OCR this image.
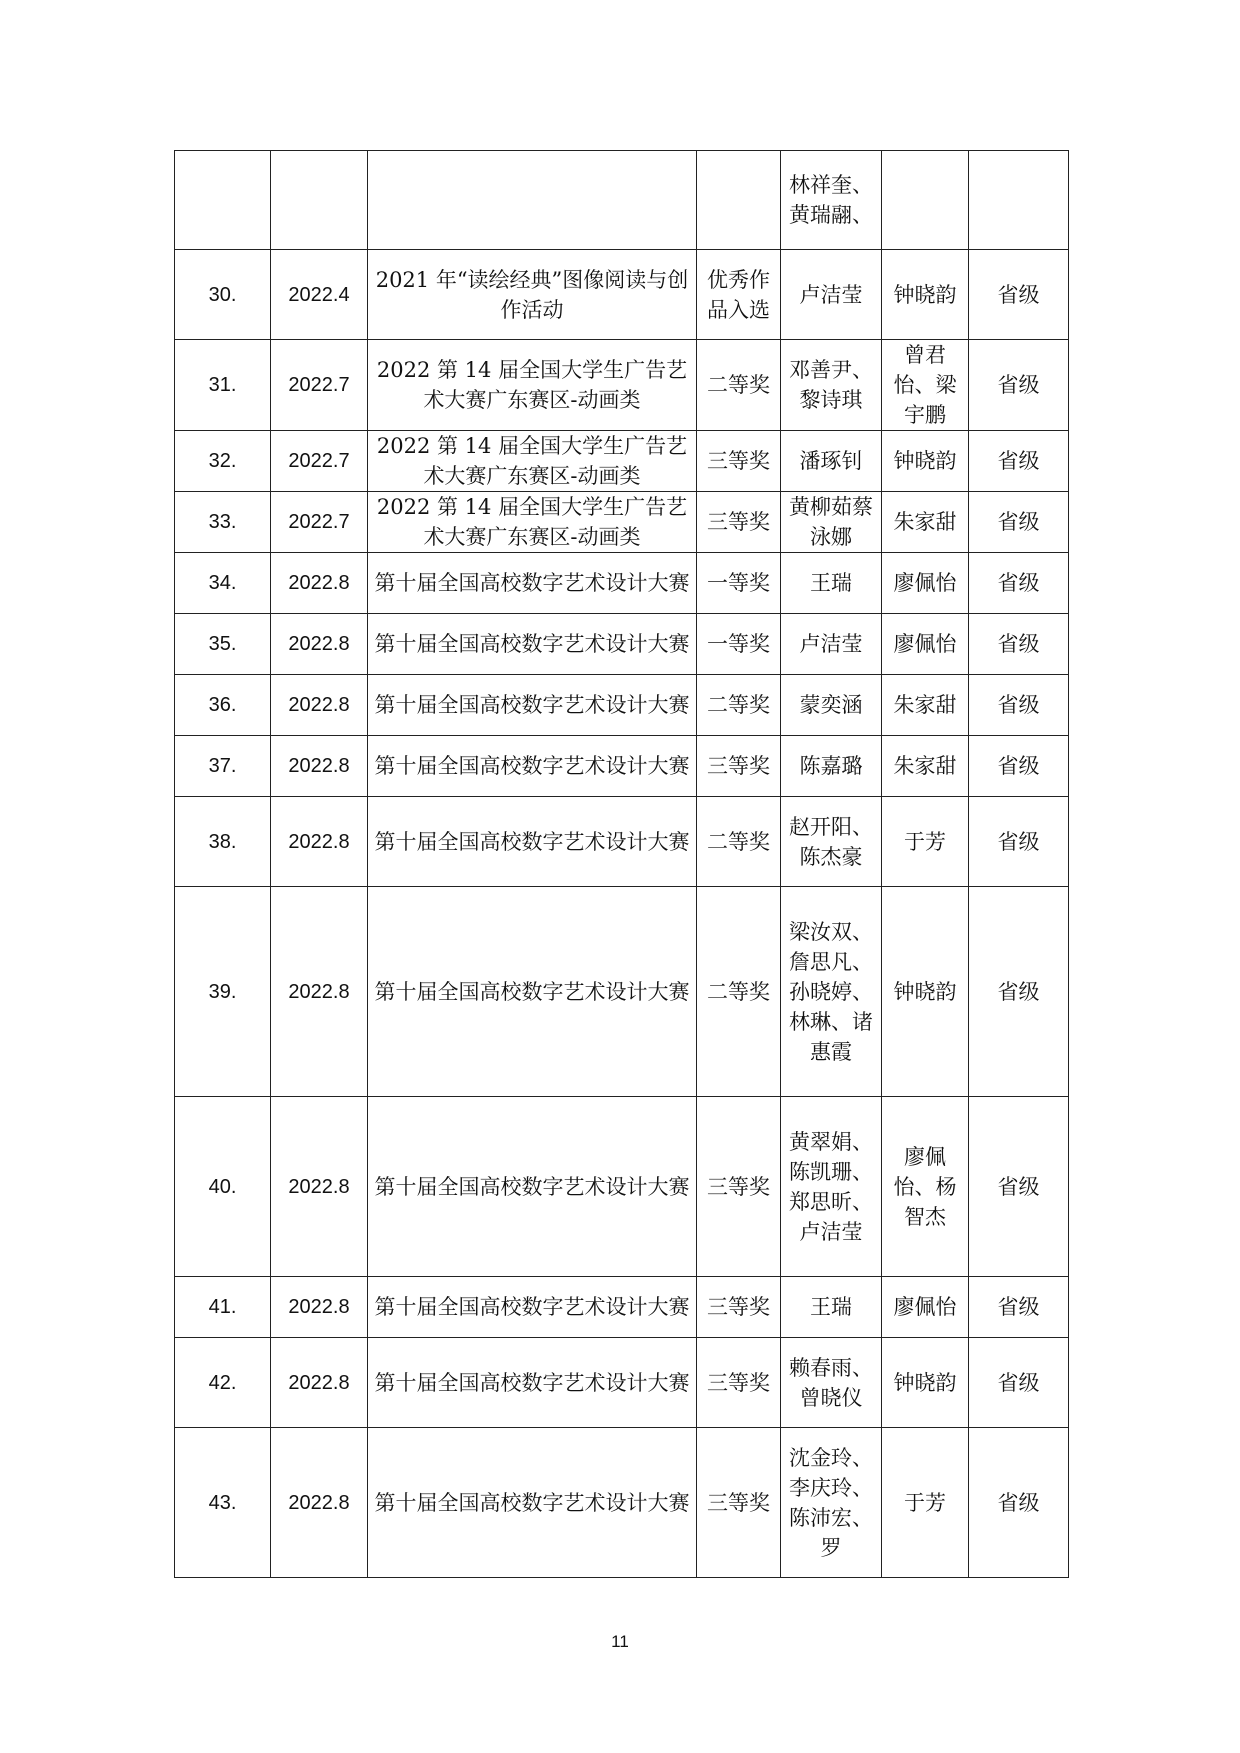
				林祥奎、黄瑞翮、		
30.	2022.4	2021 年“读绘经典”图像阅读与创作活动	优秀作品入选	卢洁莹	钟晓韵	省级
31.	2022.7	2022 第 14 届全国大学生广告艺术大赛广东赛区-动画类	二等奖	邓善尹、黎诗琪	曾君怡、梁宇鹏	省级
32.	2022.7	2022 第 14 届全国大学生广告艺术大赛广东赛区-动画类	三等奖	潘琢钊	钟晓韵	省级
33.	2022.7	2022 第 14 届全国大学生广告艺术大赛广东赛区-动画类	三等奖	黄柳茹蔡泳娜	朱家甜	省级
34.	2022.8	第十届全国高校数字艺术设计大赛	一等奖	王瑞	廖佩怡	省级
35.	2022.8	第十届全国高校数字艺术设计大赛	一等奖	卢洁莹	廖佩怡	省级
36.	2022.8	第十届全国高校数字艺术设计大赛	二等奖	蒙奕涵	朱家甜	省级
37.	2022.8	第十届全国高校数字艺术设计大赛	三等奖	陈嘉璐	朱家甜	省级
38.	2022.8	第十届全国高校数字艺术设计大赛	二等奖	赵开阳、陈杰豪	于芳	省级
39.	2022.8	第十届全国高校数字艺术设计大赛	二等奖	梁汝双、詹思凡、孙晓婷、林琳、诸惠霞	钟晓韵	省级
40.	2022.8	第十届全国高校数字艺术设计大赛	三等奖	黄翠娟、陈凯珊、郑思昕、卢洁莹	廖佩怡、杨智杰	省级
41.	2022.8	第十届全国高校数字艺术设计大赛	三等奖	王瑞	廖佩怡	省级
42.	2022.8	第十届全国高校数字艺术设计大赛	三等奖	赖春雨、曾晓仪	钟晓韵	省级
43.	2022.8	第十届全国高校数字艺术设计大赛	三等奖	沈金玲、李庆玲、陈沛宏、罗	于芳	省级
11
